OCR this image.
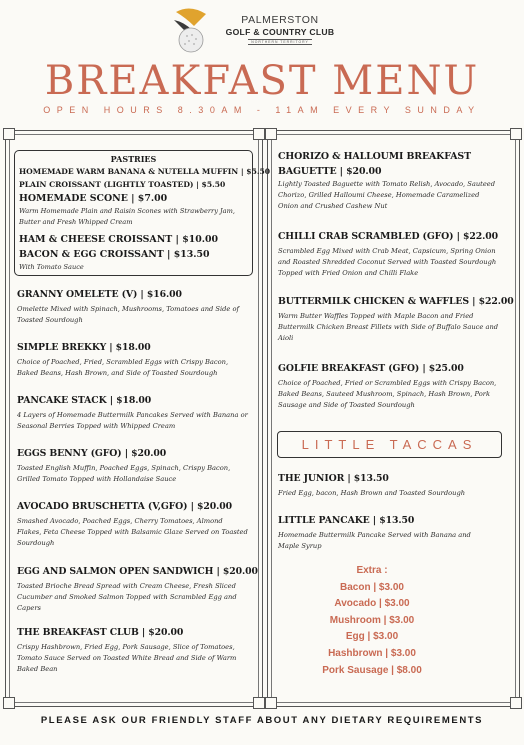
PALMERSTON
GOLF & COUNTRY CLUB
NORTHERN TERRITORY
BREAKFAST MENU
OPEN HOURS 8.30AM - 11AM EVERY SUNDAY
PASTRIES
HOMEMADE WARM BANANA & NUTELLA MUFFIN | $5.50
PLAIN CROISSANT (LIGHTLY TOASTED) | $5.50
HOMEMADE SCONE | $7.00
Warm Homemade Plain and Raisin Scones with Strawberry Jam, Butter and Fresh Whipped Cream
HAM & CHEESE CROISSANT | $10.00
BACON & EGG CROISSANT | $13.50
With Tomato Sauce
GRANNY OMELETE (V) | $16.00
Omelette Mixed with Spinach, Mushrooms, Tomatoes and Side of Toasted Sourdough
SIMPLE BREKKY | $18.00
Choice of Poached, Fried, Scrambled Eggs with Crispy Bacon, Baked Beans, Hash Brown, and Side of Toasted Sourdough
PANCAKE STACK | $18.00
4 Layers of Homemade Buttermilk Pancakes Served with Banana or Seasonal Berries Topped with Whipped Cream
EGGS BENNY (GFO) | $20.00
Toasted English Muffin, Poached Eggs, Spinach, Crispy Bacon, Grilled Tomato Topped with Hollandaise Sauce
AVOCADO BRUSCHETTA (V,GFO) | $20.00
Smashed Avocado, Poached Eggs, Cherry Tomatoes, Almond Flakes, Feta Cheese Topped with Balsamic Glaze Served on Toasted Sourdough
EGG AND SALMON OPEN SANDWICH | $20.00
Toasted Brioche Bread Spread with Cream Cheese, Fresh Sliced Cucumber and Smoked Salmon Topped with Scrambled Egg and Capers
THE BREAKFAST CLUB | $20.00
Crispy Hashbrown, Fried Egg, Pork Sausage, Slice of Tomatoes, Tomato Sauce Served on Toasted White Bread and Side of Warm Baked Bean
CHORIZO & HALLOUMI BREAKFAST
BAGUETTE | $20.00
Lightly Toasted Baguette with Tomato Relish, Avocado, Sauteed Chorizo, Grilled Halloumi Cheese, Homemade Caramelized Onion and Crushed Cashew Nut
CHILLI CRAB SCRAMBLED (GFO) | $22.00
Scrambled Egg Mixed with Crab Meat, Capsicum, Spring Onion and Roasted Shredded Coconut Served with Toasted Sourdough Topped with Fried Onion and Chilli Flake
BUTTERMILK CHICKEN & WAFFLES | $22.00
Warm Butter Waffles Topped with Maple Bacon and Fried Buttermilk Chicken Breast Fillets with Side of Buffalo Sauce and Aioli
GOLFIE BREAKFAST (GFO) | $25.00
Choice of Poached, Fried or Scrambled Eggs with Crispy Bacon, Baked Beans, Sauteed Mushroom, Spinach, Hash Brown, Pork Sausage and Side of Toasted Sourdough
LITTLE TACCAS
THE JUNIOR | $13.50
Fried Egg, bacon, Hash Brown and Toasted Sourdough
LITTLE PANCAKE | $13.50
Homemade Buttermilk Pancake Served with Banana and Maple Syrup
Extra :
Bacon | $3.00
Avocado | $3.00
Mushroom | $3.00
Egg | $3.00
Hashbrown | $3.00
Pork Sausage | $8.00
PLEASE ASK OUR FRIENDLY STAFF ABOUT ANY DIETARY REQUIREMENTS
